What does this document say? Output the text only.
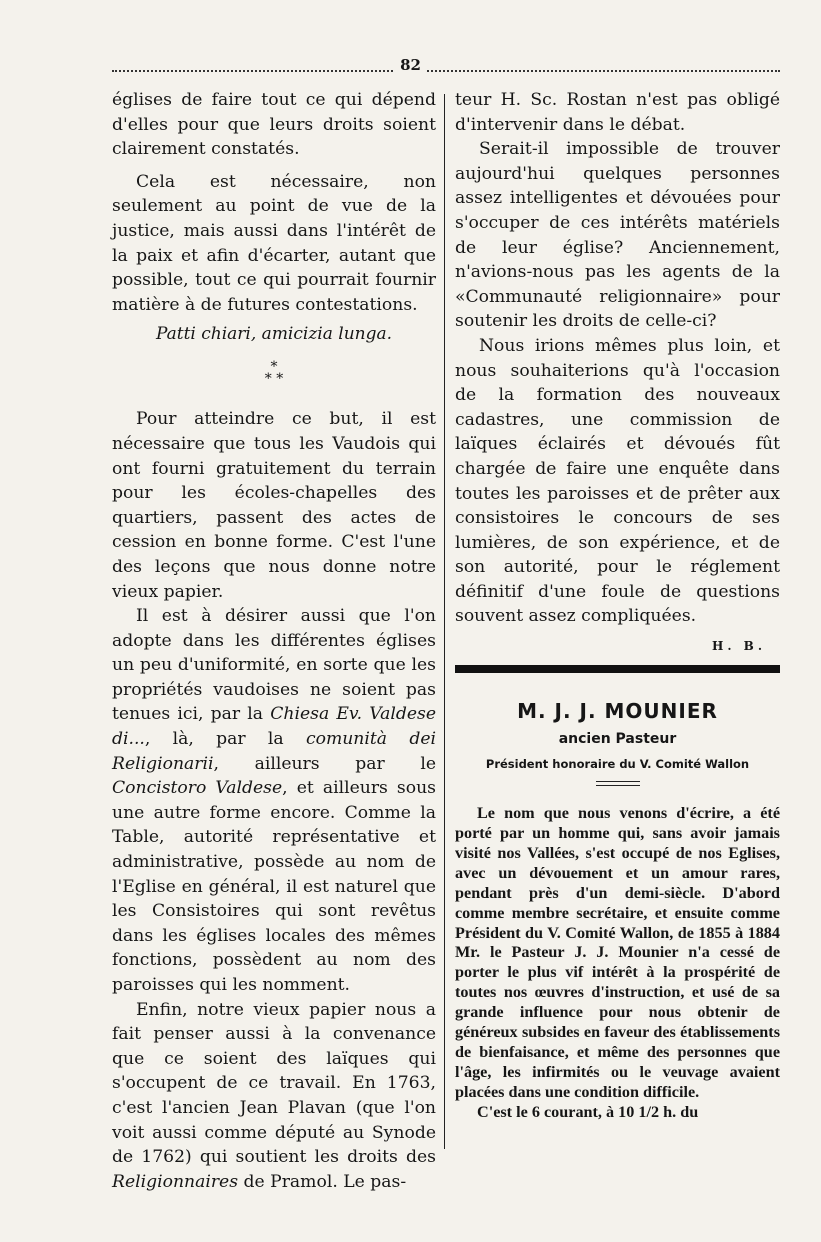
82

églises de faire tout ce qui dépend d'elles pour que leurs droits soient clairement constatés.

Cela est nécessaire, non seulement au point de vue de la justice, mais aussi dans l'intérêt de la paix et afin d'écarter, autant que possible, tout ce qui pourrait fournir matière à de futures contestations.

Patti chiari, amicizia lunga.
*
* *

Pour atteindre ce but, il est nécessaire que tous les Vaudois qui ont fourni gratuitement du terrain pour les écoles-chapelles des quartiers, passent des actes de cession en bonne forme. C'est l'une des leçons que nous donne notre vieux papier.

Il est à désirer aussi que l'on adopte dans les différentes églises un peu d'uniformité, en sorte que les propriétés vaudoises ne soient pas tenues ici, par la Chiesa Ev. Valdese di..., là, par la comunità dei Religionarii, ailleurs par le Concistoro Valdese, et ailleurs sous une autre forme encore. Comme la Table, autorité représentative et administrative, possède au nom de l'Eglise en général, il est naturel que les Consistoires qui sont revêtus dans les églises locales des mêmes fonctions, possèdent au nom des paroisses qui les nomment.

Enfin, notre vieux papier nous a fait penser aussi à la convenance que ce soient des laïques qui s'occupent de ce travail. En 1763, c'est l'ancien Jean Plavan (que l'on voit aussi comme député au Synode de 1762) qui soutient les droits des Religionnaires de Pramol. Le pas-

teur H. Sc. Rostan n'est pas obligé d'intervenir dans le débat.

Serait-il impossible de trouver aujourd'hui quelques personnes assez intelligentes et dévouées pour s'occuper de ces intérêts matériels de leur église? Anciennement, n'avions-nous pas les agents de la «Communauté religionnaire» pour soutenir les droits de celle-ci?

Nous irions mêmes plus loin, et nous souhaiterions qu'à l'occasion de la formation des nouveaux cadastres, une commission de laïques éclairés et dévoués fût chargée de faire une enquête dans toutes les paroisses et de prêter aux consistoires le concours de ses lumières, de son expérience, et de son autorité, pour le réglement définitif d'une foule de questions souvent assez compliquées.

H. B.
M. J. J. MOUNIER
ancien Pasteur
Président honoraire du V. Comité Wallon

Le nom que nous venons d'écrire, a été porté par un homme qui, sans avoir jamais visité nos Vallées, s'est occupé de nos Eglises, avec un dévouement et un amour rares, pendant près d'un demi-siècle. D'abord comme membre secrétaire, et ensuite comme Président du V. Comité Wallon, de 1855 à 1884 Mr. le Pasteur J. J. Mounier n'a cessé de porter le plus vif intérêt à la prospérité de toutes nos œuvres d'instruction, et usé de sa grande influence pour nous obtenir de généreux subsides en faveur des établissements de bienfaisance, et même des personnes que l'âge, les infirmités ou le veuvage avaient placées dans une condition difficile.

C'est le 6 courant, à 10 1/2 h. du
